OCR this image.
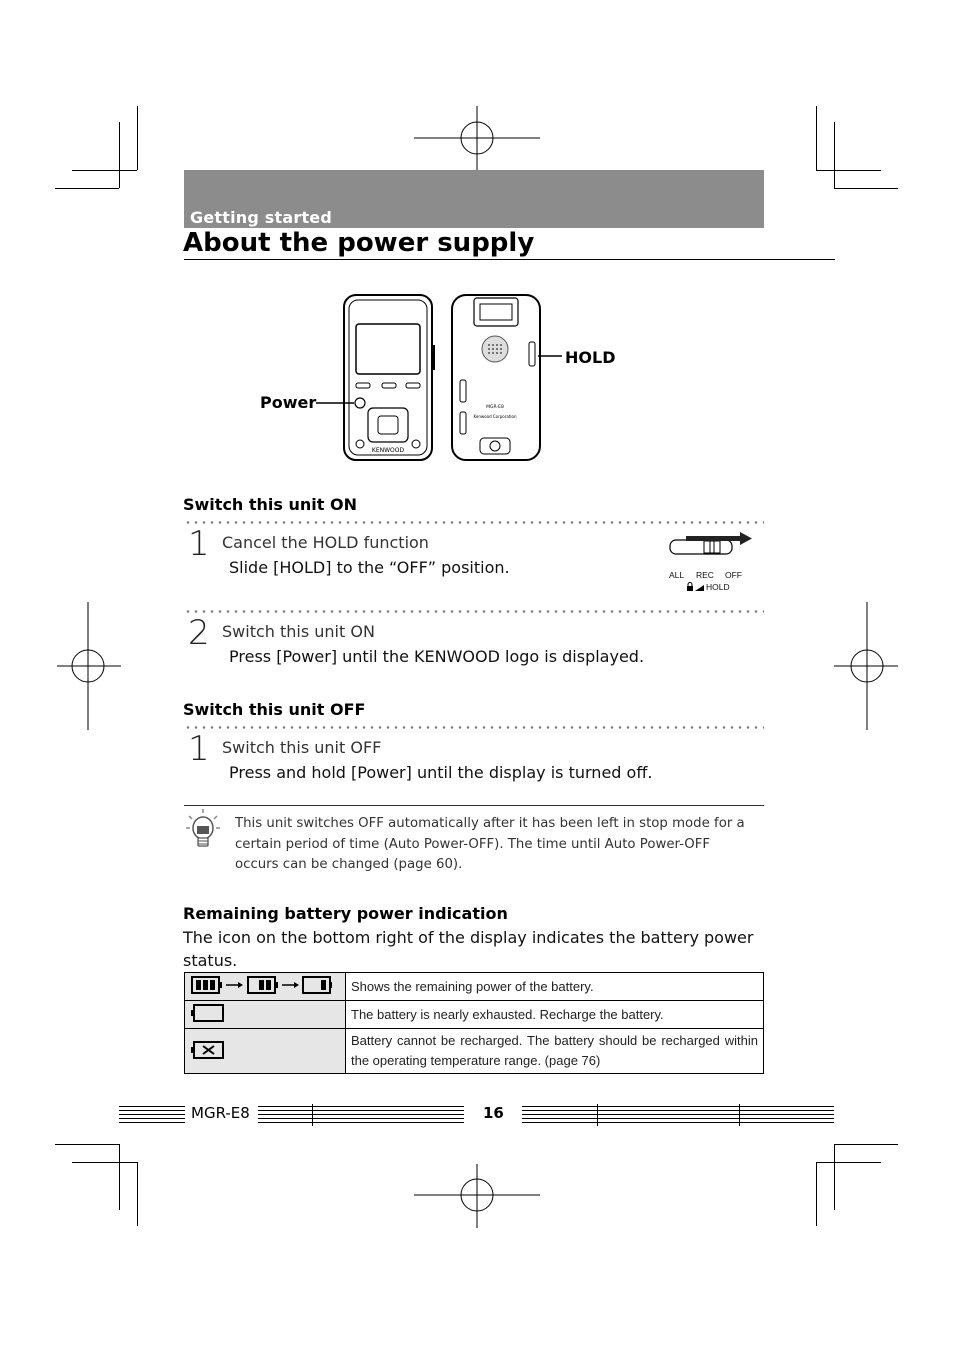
Getting started
About the power supply
KENWOOD
MGR-E8
Kenwood Corporation
Power
HOLD
Switch this unit ON
1 Cancel the HOLD function
Slide [HOLD] to the “OFF” position.	ALL REC OFF
HOLD
2 Switch this unit ON
Press [Power] until the KENWOOD logo is displayed.
Switch this unit OFF
1 Switch this unit OFF
Press and hold [Power] until the display is turned off.
This unit switches OFF automatically after it has been left in stop mode for a certain period of time (Auto Power-OFF). The time until Auto Power-OFF occurs can be changed (page 60).
Remaining battery power indication
The icon on the bottom right of the display indicates the battery power status.
	Shows the remaining power of the battery.
	The battery is nearly exhausted. Recharge the battery.
	Battery cannot be recharged. The battery should be recharged within the operating temperature range. (page 76)
MGR-E8	16
